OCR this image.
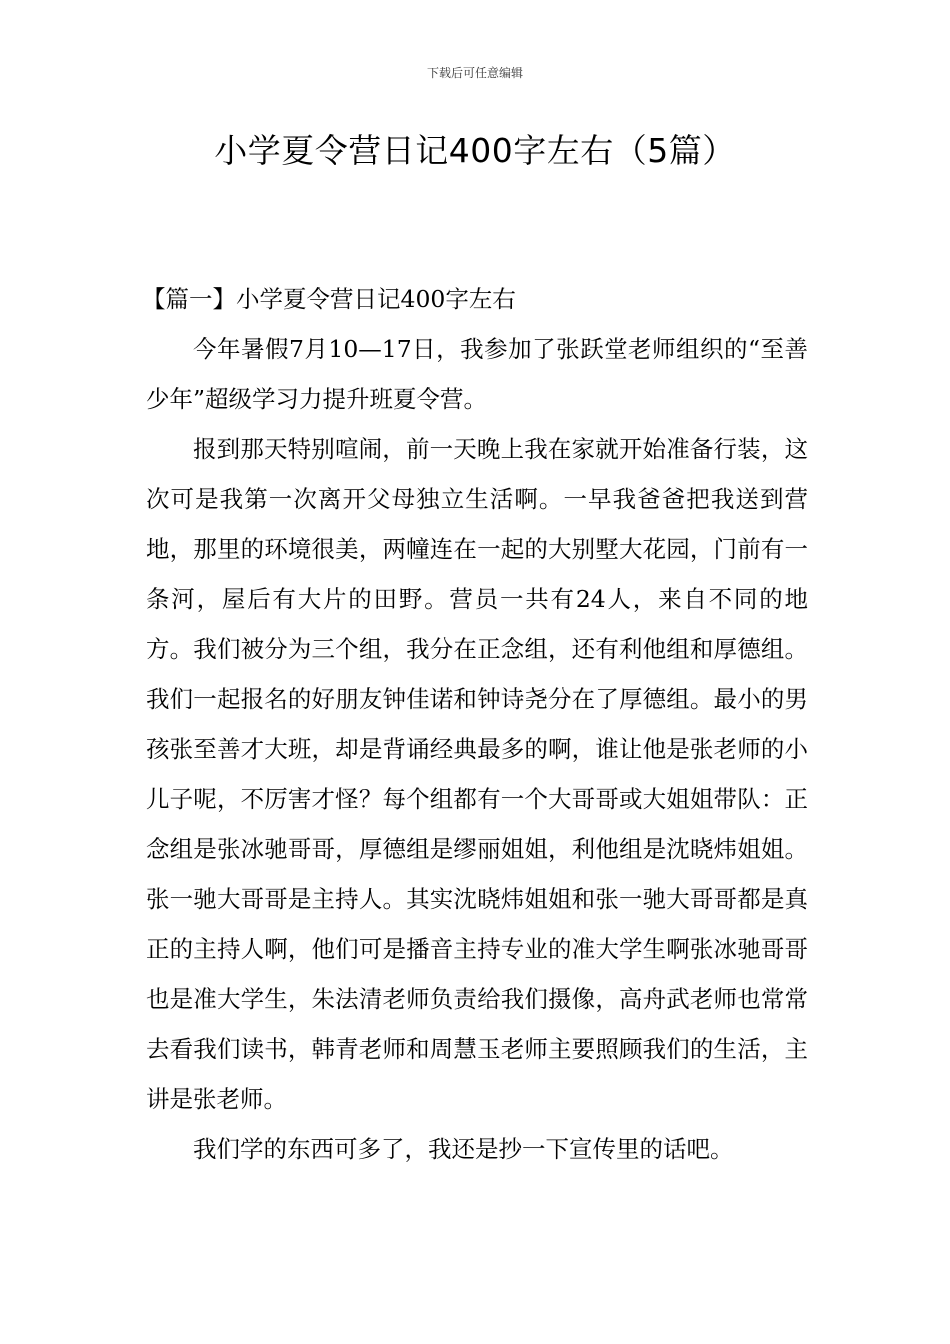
下载后可任意编辑
小学夏令营日记400字左右（5篇）
【篇一】小学夏令营日记400字左右

今年暑假7月10—17日，我参加了张跃堂老师组织的“至善少年”超级学习力提升班夏令营。

报到那天特别喧闹，前一天晚上我在家就开始准备行装，这次可是我第一次离开父母独立生活啊。一早我爸爸把我送到营地，那里的环境很美，两幢连在一起的大别墅大花园，门前有一条河，屋后有大片的田野。营员一共有24人，来自不同的地方。我们被分为三个组，我分在正念组，还有利他组和厚德组。我们一起报名的好朋友钟佳诺和钟诗尧分在了厚德组。最小的男孩张至善才大班，却是背诵经典最多的啊，谁让他是张老师的小儿子呢，不厉害才怪？每个组都有一个大哥哥或大姐姐带队：正念组是张冰驰哥哥，厚德组是缪丽姐姐，利他组是沈晓炜姐姐。张一驰大哥哥是主持人。其实沈晓炜姐姐和张一驰大哥哥都是真正的主持人啊，他们可是播音主持专业的准大学生啊张冰驰哥哥也是准大学生，朱法清老师负责给我们摄像，高舟武老师也常常去看我们读书，韩青老师和周慧玉老师主要照顾我们的生活，主讲是张老师。

我们学的东西可多了，我还是抄一下宣传里的话吧。
